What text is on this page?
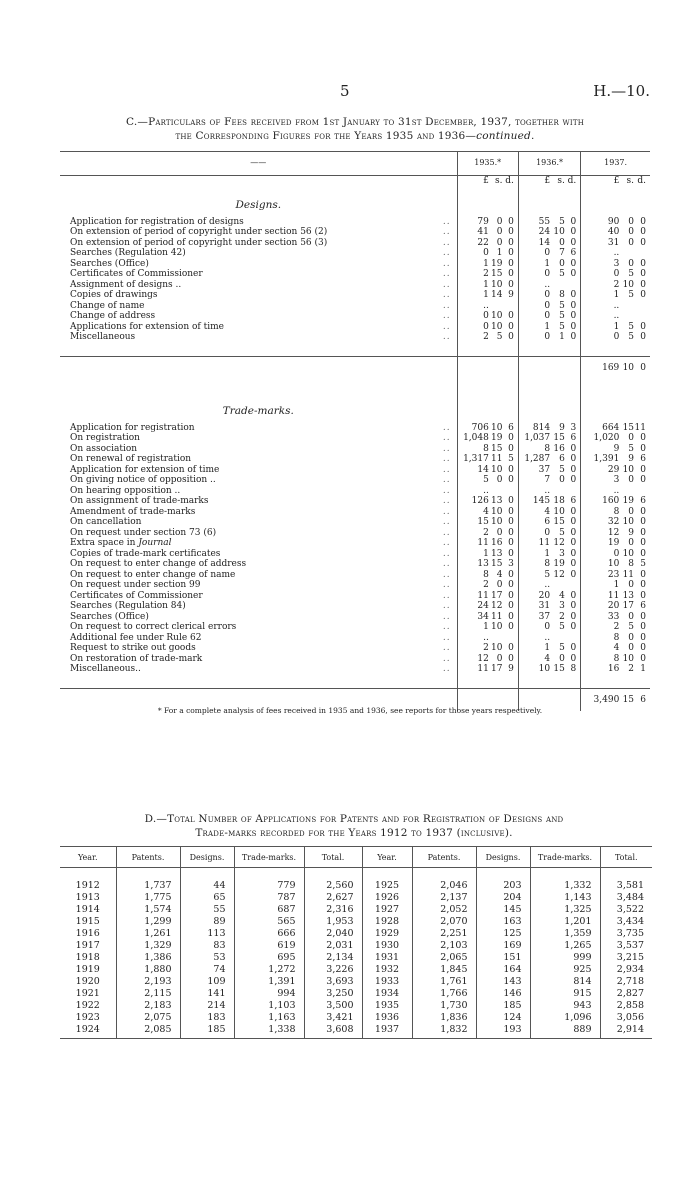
5	H.—10.
C.—Particulars of Fees received from 1st January to 31st December, 1937, together with
the Corresponding Figures for the Years 1935 and 1936—continued.
——		1935.*			1936.*			1937.		
		£	s.	d.	£	s.	d.	£	s.	d.
Designs.										
Application for registration of designs	..	79	0	0	55	5	0	90	0	0
On extension of period of copyright under section 56 (2)	..	41	0	0	24	10	0	40	0	0
On extension of period of copyright under section 56 (3)	..	22	0	0	14	0	0	31	0	0
Searches (Regulation 42)	..	0	1	0	0	7	6	..		
Searches (Office)	..	1	19	0	1	0	0	3	0	0
Certificates of Commissioner	..	2	15	0	0	5	0	0	5	0
Assignment of designs ..	..	1	10	0	..			2	10	0
Copies of drawings	..	1	14	9	0	8	0	1	5	0
Change of name	..	..			0	5	0	..		
Change of address	..	0	10	0	0	5	0	..		
Applications for extension of time	..	0	10	0	1	5	0	1	5	0
Miscellaneous	..	2	5	0	0	1	0	0	5	0

								169	10	0

Trade-marks.										
Application for registration	..	706	10	6	814	9	3	664	15	11
On registration	..	1,048	19	0	1,037	15	6	1,020	0	0
On association	..	8	15	0	8	16	0	9	5	0
On renewal of registration	..	1,317	11	5	1,287	6	0	1,391	9	6
Application for extension of time	..	14	10	0	37	5	0	29	10	0
On giving notice of opposition ..	..	5	0	0	7	0	0	3	0	0
On hearing opposition ..	..	..			..			..		
On assignment of trade-marks	..	126	13	0	145	18	6	160	19	6
Amendment of trade-marks	..	4	10	0	4	10	0	8	0	0
On cancellation	..	15	10	0	6	15	0	32	10	0
On request under section 73 (6)	..	2	0	0	0	5	0	12	9	0
Extra space in Journal	..	11	16	0	11	12	0	19	0	0
Copies of trade-mark certificates	..	1	13	0	1	3	0	0	10	0
On request to enter change of address	..	13	15	3	8	19	0	10	8	5
On request to enter change of name	..	8	4	0	5	12	0	23	11	0
On request under section 99	..	2	0	0	..			1	0	0
Certificates of Commissioner	..	11	17	0	20	4	0	11	13	0
Searches (Regulation 84)	..	24	12	0	31	3	0	20	17	6
Searches (Office)	..	34	11	0	37	2	0	33	0	0
On request to correct clerical errors	..	1	10	0	0	5	0	2	5	0
Additional fee under Rule 62	..	..			..			8	0	0
Request to strike out goods	..	2	10	0	1	5	0	4	0	0
On restoration of trade-mark	..	12	0	0	4	0	0	8	10	0
Miscellaneous..	..	11	17	9	10	15	8	16	2	1

								3,490	15	6
* For a complete analysis of fees received in 1935 and 1936, see reports for those years respectively.
D.—Total Number of Applications for Patents and for Registration of Designs and
Trade-marks recorded for the Years 1912 to 1937 (inclusive).
Year.	Patents.	Designs.	Trade-marks.	Total.	Year.	Patents.	Designs.	Trade-marks.	Total.

1912	1,737	44	779	2,560	1925	2,046	203	1,332	3,581
1913	1,775	65	787	2,627	1926	2,137	204	1,143	3,484
1914	1,574	55	687	2,316	1927	2,052	145	1,325	3,522
1915	1,299	89	565	1,953	1928	2,070	163	1,201	3,434
1916	1,261	113	666	2,040	1929	2,251	125	1,359	3,735
1917	1,329	83	619	2,031	1930	2,103	169	1,265	3,537
1918	1,386	53	695	2,134	1931	2,065	151	999	3,215
1919	1,880	74	1,272	3,226	1932	1,845	164	925	2,934
1920	2,193	109	1,391	3,693	1933	1,761	143	814	2,718
1921	2,115	141	994	3,250	1934	1,766	146	915	2,827
1922	2,183	214	1,103	3,500	1935	1,730	185	943	2,858
1923	2,075	183	1,163	3,421	1936	1,836	124	1,096	3,056
1924	2,085	185	1,338	3,608	1937	1,832	193	889	2,914
